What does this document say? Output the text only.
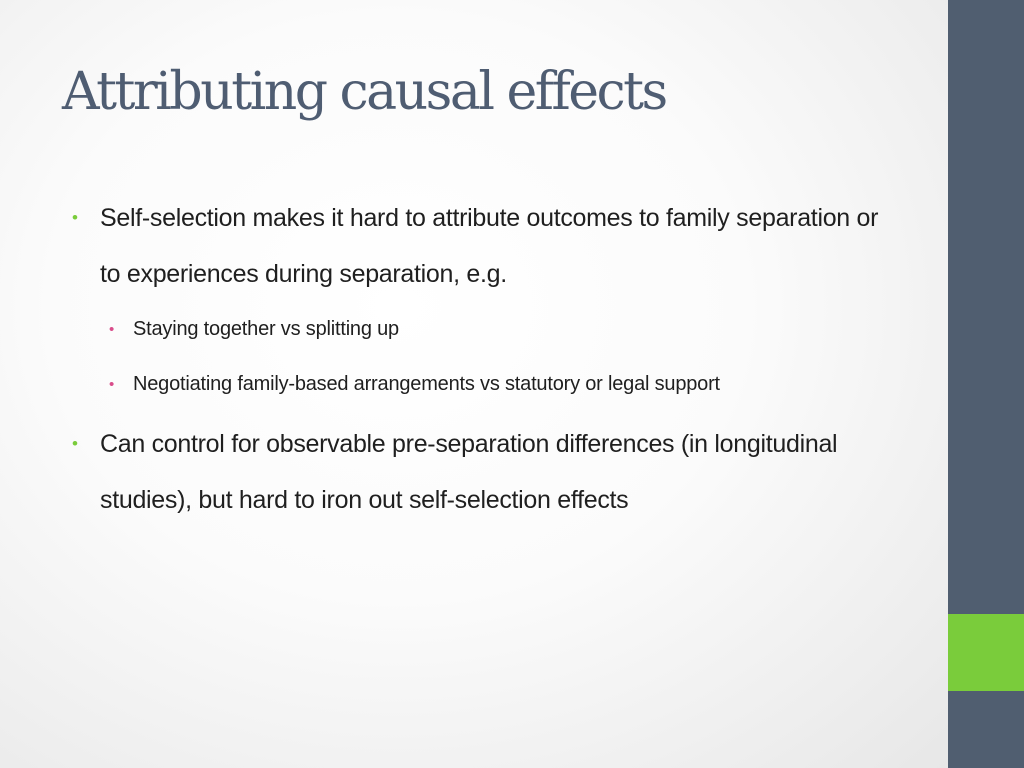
Attributing causal effects
• Self-selection makes it hard to attribute outcomes to family separation or to experiences during separation, e.g.
• Staying together vs splitting up
• Negotiating family-based arrangements vs statutory or legal support
• Can control for observable pre-separation differences (in longitudinal studies), but hard to iron out self-selection effects
